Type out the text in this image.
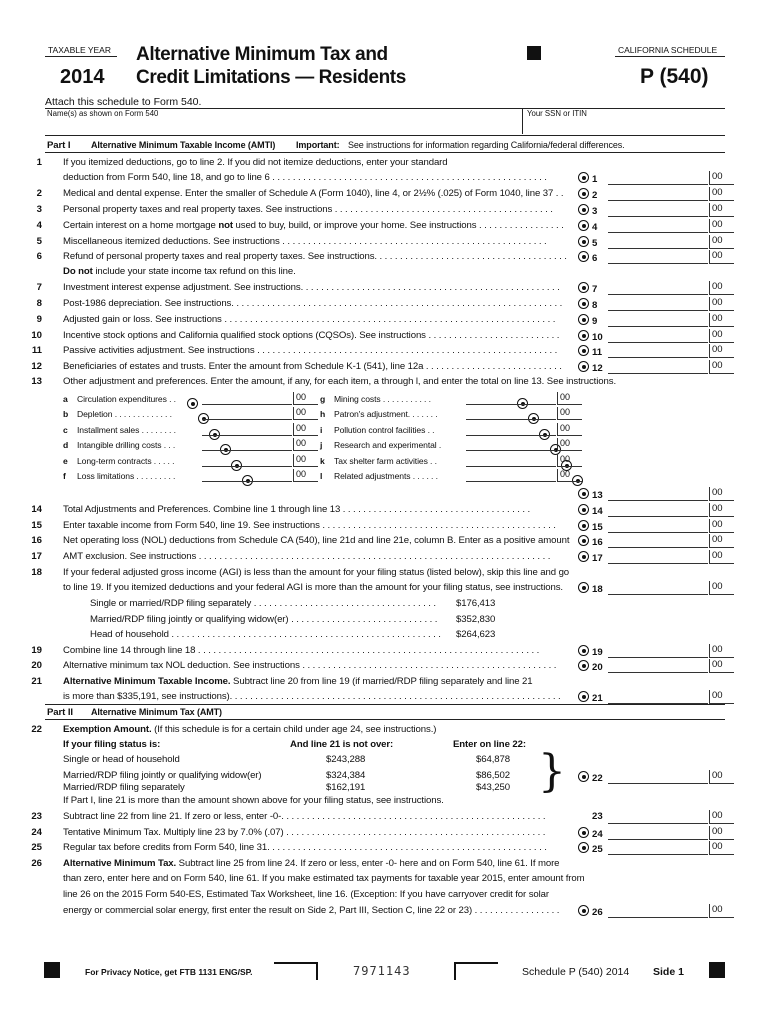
TAXABLE YEAR
2014
Alternative Minimum Tax and
Credit Limitations — Residents
CALIFORNIA SCHEDULE
P (540)
Attach this schedule to Form 540.
Name(s) as shown on Form 540	Your SSN or ITIN
Part I Alternative Minimum Taxable Income (AMTI) Important: See instructions for information regarding California/federal differences.
1 If you itemized deductions, go to line 2. If you did not itemize deductions, enter your standard
deduction from Form 540, line 18, and go to line 6 . . . . . . . . . . . . . . . . . . . . . . . . . . . . . . . . . . . . . . . . . . . . . . . . . . . . . .	1	00
2 Medical and dental expense. Enter the smaller of Schedule A (Form 1040), line 4, or 2½% (.025) of Form 1040, line 37 . .	2	00
3 Personal property taxes and real property taxes. See instructions . . . . . . . . . . . . . . . . . . . . . . . . . . . . . . . . . . . . . . . . . . .	3	00
4 Certain interest on a home mortgage not used to buy, build, or improve your home. See instructions . . . . . . . . . . . . . . . . .	4	00
5 Miscellaneous itemized deductions. See instructions . . . . . . . . . . . . . . . . . . . . . . . . . . . . . . . . . . . . . . . . . . . . . . . . . . . .	5	00
6 Refund of personal property taxes and real property taxes. See instructions. . . . . . . . . . . . . . . . . . . . . . . . . . . . . . . . . . . . . .	6	00
Do not include your state income tax refund on this line.
7 Investment interest expense adjustment. See instructions. . . . . . . . . . . . . . . . . . . . . . . . . . . . . . . . . . . . . . . . . . . . . . . . . . .	7	00
8 Post-1986 depreciation. See instructions. . . . . . . . . . . . . . . . . . . . . . . . . . . . . . . . . . . . . . . . . . . . . . . . . . . . . . . . . . . . . . . . .	8	00
9 Adjusted gain or loss. See instructions . . . . . . . . . . . . . . . . . . . . . . . . . . . . . . . . . . . . . . . . . . . . . . . . . . . . . . . . . . . . . . . . .	9	00
10 Incentive stock options and California qualified stock options (CQSOs). See instructions . . . . . . . . . . . . . . . . . . . . . . . . . .	10	00
11 Passive activities adjustment. See instructions . . . . . . . . . . . . . . . . . . . . . . . . . . . . . . . . . . . . . . . . . . . . . . . . . . . . . . . . . . .	11	00
12 Beneficiaries of estates and trusts. Enter the amount from Schedule K-1 (541), line 12a . . . . . . . . . . . . . . . . . . . . . . . . . . .	12	00
13 Other adjustment and preferences. Enter the amount, if any, for each item, a through l, and enter the total on line 13. See instructions.
a Circulation expenditures . .	00
b Depletion . . . . . . . . . . . . .	00
c Installment sales . . . . . . . .	00
d Intangible drilling costs . . .	00
e Long-term contracts . . . . .	00
f Loss limitations . . . . . . . . .	00
g Mining costs . . . . . . . . . . .	00
h Patron's adjustment. . . . . . .	00
i Pollution control facilities . .	00
j Research and experimental .	00
k Tax shelter farm activities . .	00
l Related adjustments . . . . . .	00
13	00
14 Total Adjustments and Preferences. Combine line 1 through line 13 . . . . . . . . . . . . . . . . . . . . . . . . . . . . . . . . . . . . .	14	00
15 Enter taxable income from Form 540, line 19. See instructions . . . . . . . . . . . . . . . . . . . . . . . . . . . . . . . . . . . . . . . . . . . . . .	15	00
16 Net operating loss (NOL) deductions from Schedule CA (540), line 21d and line 21e, column B. Enter as a positive amount	16	00
17 AMT exclusion. See instructions . . . . . . . . . . . . . . . . . . . . . . . . . . . . . . . . . . . . . . . . . . . . . . . . . . . . . . . . . . . . . . . . . . . . .	17	00
18 If your federal adjusted gross income (AGI) is less than the amount for your filing status (listed below), skip this line and go
to line 19. If you itemized deductions and your federal AGI is more than the amount for your filing status, see instructions.	18	00
Single or married/RDP filing separately . . . . . . . . . . . . . . . . . . . . . . . . . . . . . . . . . . . .	$176,413
Married/RDP filing jointly or qualifying widow(er) . . . . . . . . . . . . . . . . . . . . . . . . . . . . .	$352,830
Head of household . . . . . . . . . . . . . . . . . . . . . . . . . . . . . . . . . . . . . . . . . . . . . . . . . . . . .	$264,623
19 Combine line 14 through line 18 . . . . . . . . . . . . . . . . . . . . . . . . . . . . . . . . . . . . . . . . . . . . . . . . . . . . . . . . . . . . . . . . . . .	19	00
20 Alternative minimum tax NOL deduction. See instructions . . . . . . . . . . . . . . . . . . . . . . . . . . . . . . . . . . . . . . . . . . . . . . . . . .	20	00
21 Alternative Minimum Taxable Income. Subtract line 20 from line 19 (if married/RDP filing separately and line 21
is more than $335,191, see instructions). . . . . . . . . . . . . . . . . . . . . . . . . . . . . . . . . . . . . . . . . . . . . . . . . . . . . . . . . . . . . . . . .	21	00
23 Subtract line 22 from line 21. If zero or less, enter -0-. . . . . . . . . . . . . . . . . . . . . . . . . . . . . . . . . . . . . . . . . . . . . . . . . . . .	23	00
24 Tentative Minimum Tax. Multiply line 23 by 7.0% (.07) . . . . . . . . . . . . . . . . . . . . . . . . . . . . . . . . . . . . . . . . . . . . . . . . . . .	24	00
25 Regular tax before credits from Form 540, line 31. . . . . . . . . . . . . . . . . . . . . . . . . . . . . . . . . . . . . . . . . . . . . . . . . . . . . . .	25	00
26 Alternative Minimum Tax. Subtract line 25 from line 24. If zero or less, enter -0- here and on Form 540, line 61. If more
than zero, enter here and on Form 540, line 61. If you make estimated tax payments for taxable year 2015, enter amount from
line 26 on the 2015 Form 540-ES, Estimated Tax Worksheet, line 16. (Exception: If you have carryover credit for solar
energy or commercial solar energy, first enter the result on Side 2, Part III, Section C, line 22 or 23) . . . . . . . . . . . . . . . . .	26	00
Part II Alternative Minimum Tax (AMT)
22 Exemption Amount. (If this schedule is for a certain child under age 24, see instructions.)
If your filing status is:	And line 21 is not over:	Enter on line 22:
Single or head of household	$243,288	$64,878
Married/RDP filing jointly or qualifying widow(er)	$324,384	$86,502
Married/RDP filing separately	$162,191	$43,250 }
If Part I, line 21 is more than the amount shown above for your filing status, see instructions.
22	00
For Privacy Notice, get FTB 1131 ENG/SP.	7971143	Schedule P (540) 2014 Side 1
